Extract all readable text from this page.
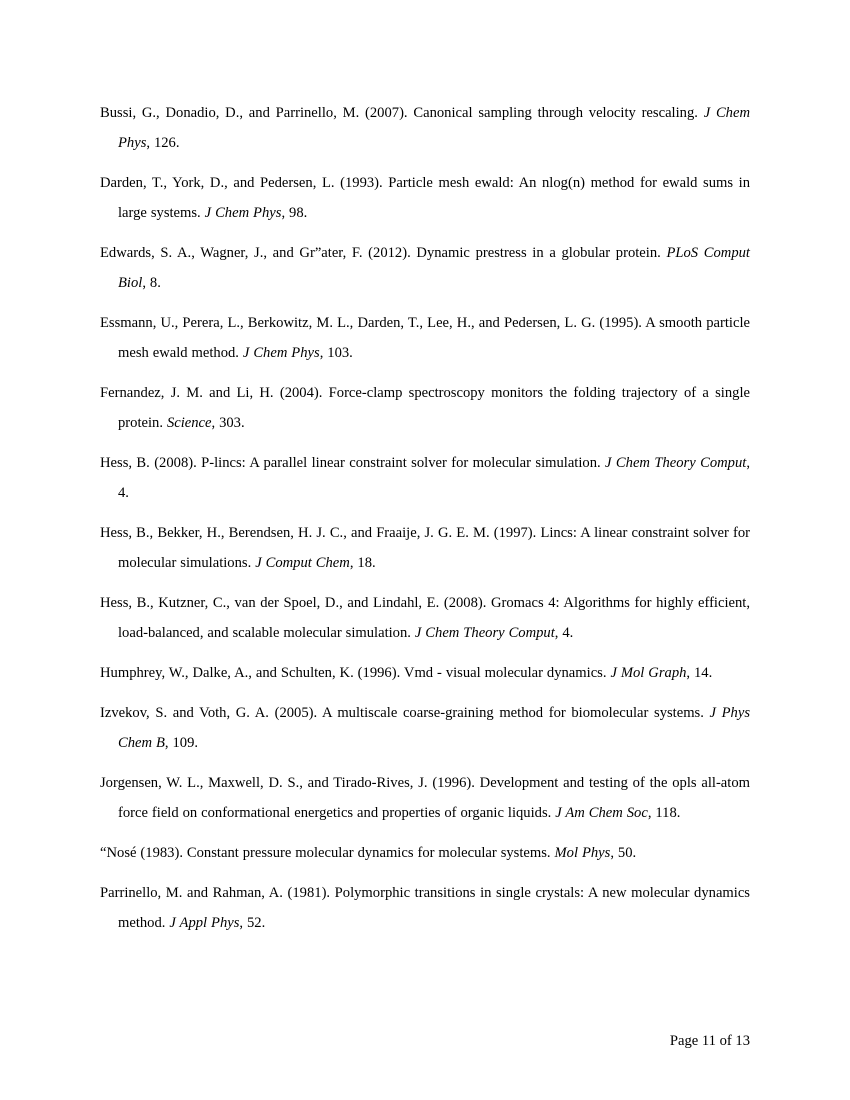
Bussi, G., Donadio, D., and Parrinello, M. (2007). Canonical sampling through velocity rescaling. J Chem Phys, 126.

Darden, T., York, D., and Pedersen, L. (1993). Particle mesh ewald: An nlog(n) method for ewald sums in large systems. J Chem Phys, 98.

Edwards, S. A., Wagner, J., and Gr”ater, F. (2012). Dynamic prestress in a globular protein. PLoS Comput Biol, 8.

Essmann, U., Perera, L., Berkowitz, M. L., Darden, T., Lee, H., and Pedersen, L. G. (1995). A smooth particle mesh ewald method. J Chem Phys, 103.

Fernandez, J. M. and Li, H. (2004). Force-clamp spectroscopy monitors the folding trajectory of a single protein. Science, 303.

Hess, B. (2008). P-lincs: A parallel linear constraint solver for molecular simulation. J Chem Theory Comput, 4.

Hess, B., Bekker, H., Berendsen, H. J. C., and Fraaije, J. G. E. M. (1997). Lincs: A linear constraint solver for molecular simulations. J Comput Chem, 18.

Hess, B., Kutzner, C., van der Spoel, D., and Lindahl, E. (2008). Gromacs 4: Algorithms for highly efficient, load-balanced, and scalable molecular simulation. J Chem Theory Comput, 4.

Humphrey, W., Dalke, A., and Schulten, K. (1996). Vmd - visual molecular dynamics. J Mol Graph, 14.

Izvekov, S. and Voth, G. A. (2005). A multiscale coarse-graining method for biomolecular systems. J Phys Chem B, 109.

Jorgensen, W. L., Maxwell, D. S., and Tirado-Rives, J. (1996). Development and testing of the opls all-atom force field on conformational energetics and properties of organic liquids. J Am Chem Soc, 118.

“Nosé (1983). Constant pressure molecular dynamics for molecular systems. Mol Phys, 50.

Parrinello, M. and Rahman, A. (1981). Polymorphic transitions in single crystals: A new molecular dynamics method. J Appl Phys, 52.

Page 11 of 13
